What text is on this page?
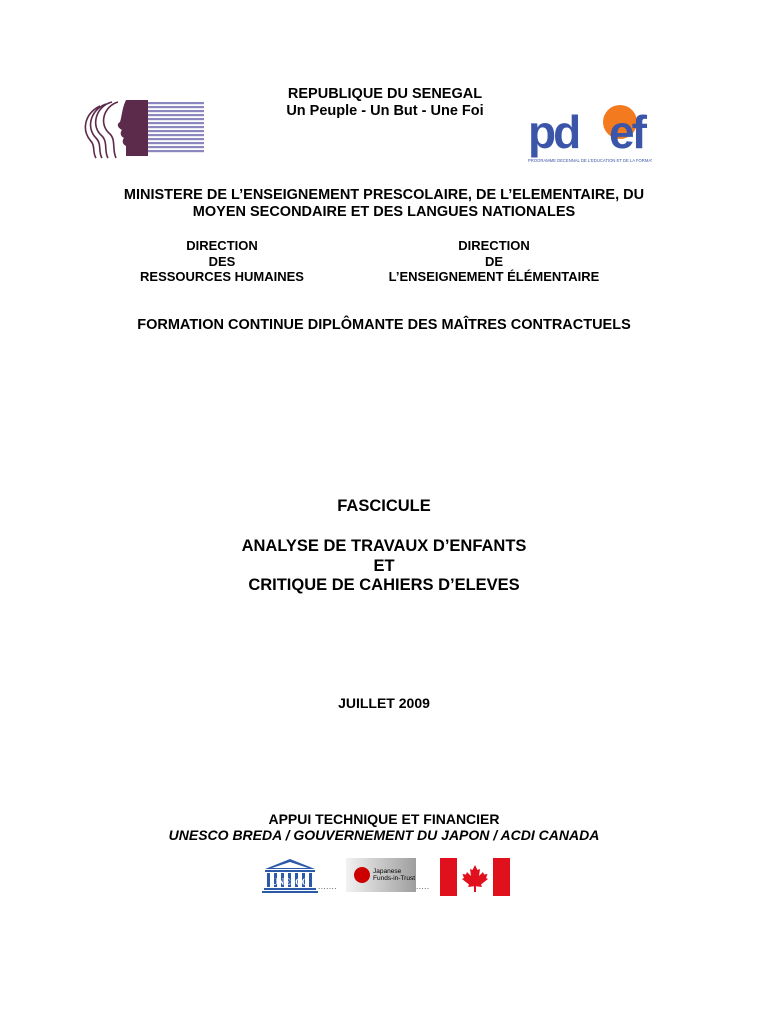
REPUBLIQUE DU SENEGAL
Un Peuple - Un But - Une Foi pd ef
PROGRAMME DECENNAL DE L'EDUCATION ET DE LA FORMATION
MINISTERE DE L’ENSEIGNEMENT PRESCOLAIRE, DE L’ELEMENTAIRE, DU
MOYEN SECONDAIRE ET DES LANGUES NATIONALES
DIRECTION
DES
RESSOURCES HUMAINES
DIRECTION
DE
L’ENSEIGNEMENT ÉLÉMENTAIRE
FORMATION CONTINUE DIPLÔMANTE DES MAÎTRES CONTRACTUELS
FASCICULE
ANALYSE DE TRAVAUX D’ENFANTS
ET
CRITIQUE DE CAHIERS D’ELEVES
JUILLET 2009
APPUI TECHNIQUE ET FINANCIER
UNESCO BREDA / GOUVERNEMENT DU JAPON / ACDI CANADA
UNESCO
Japanese
Funds-in-Trust
.......	.....
